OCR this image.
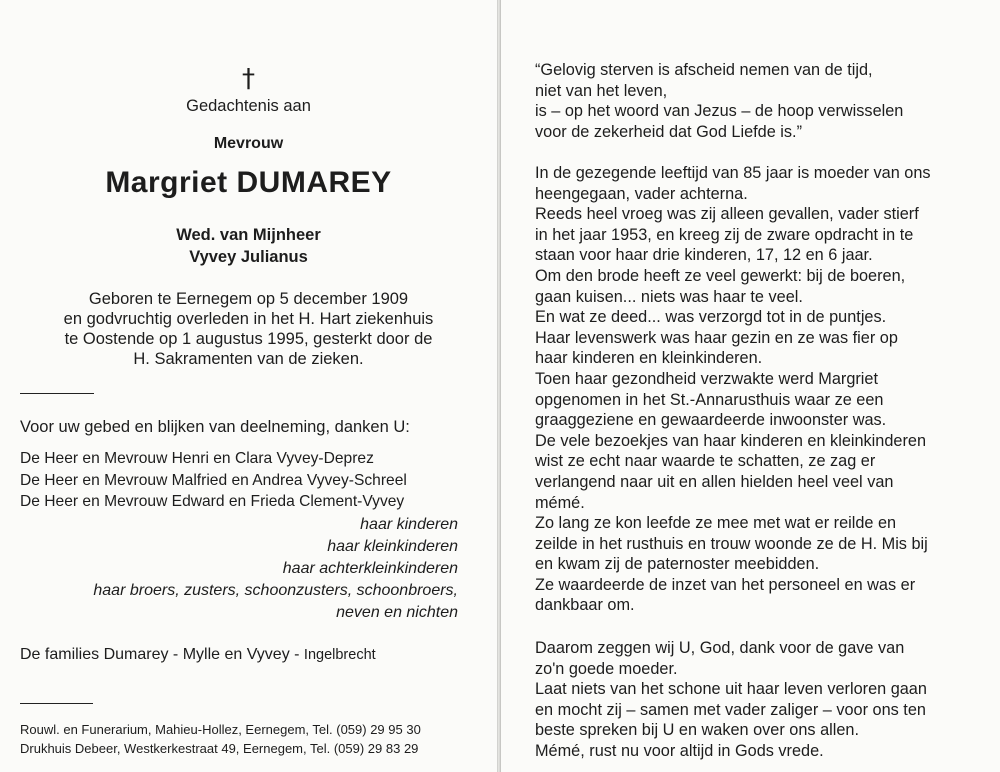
†
Gedachtenis aan
Mevrouw
Margriet DUMAREY
Wed. van Mijnheer
Vyvey Julianus
Geboren te Eernegem op 5 december 1909
en godvruchtig overleden in het H. Hart ziekenhuis
te Oostende op 1 augustus 1995, gesterkt door de
H. Sakramenten van de zieken.
Voor uw gebed en blijken van deelneming, danken U:
De Heer en Mevrouw Henri en Clara Vyvey-Deprez
De Heer en Mevrouw Malfried en Andrea Vyvey-Schreel
De Heer en Mevrouw Edward en Frieda Clement-Vyvey
haar kinderen
haar kleinkinderen
haar achterkleinkinderen
haar broers, zusters, schoonzusters, schoonbroers,
neven en nichten
De families Dumarey - Mylle en Vyvey - Ingelbrecht
Rouwl. en Funerarium, Mahieu-Hollez, Eernegem, Tel. (059) 29 95 30
Drukhuis Debeer, Westkerkestraat 49, Eernegem, Tel. (059) 29 83 29
“Gelovig sterven is afscheid nemen van de tijd,
niet van het leven,
is – op het woord van Jezus – de hoop verwisselen
voor de zekerheid dat God Liefde is.”
In de gezegende leeftijd van 85 jaar is moeder van ons
heengegaan, vader achterna.
Reeds heel vroeg was zij alleen gevallen, vader stierf
in het jaar 1953, en kreeg zij de zware opdracht in te
staan voor haar drie kinderen, 17, 12 en 6 jaar.
Om den brode heeft ze veel gewerkt: bij de boeren,
gaan kuisen... niets was haar te veel.
En wat ze deed... was verzorgd tot in de puntjes.
Haar levenswerk was haar gezin en ze was fier op
haar kinderen en kleinkinderen.
Toen haar gezondheid verzwakte werd Margriet
opgenomen in het St.-Annarusthuis waar ze een
graaggeziene en gewaardeerde inwoonster was.
De vele bezoekjes van haar kinderen en kleinkinderen
wist ze echt naar waarde te schatten, ze zag er
verlangend naar uit en allen hielden heel veel van
mémé.
Zo lang ze kon leefde ze mee met wat er reilde en
zeilde in het rusthuis en trouw woonde ze de H. Mis bij
en kwam zij de paternoster meebidden.
Ze waardeerde de inzet van het personeel en was er
dankbaar om.
Daarom zeggen wij U, God, dank voor de gave van
zo'n goede moeder.
Laat niets van het schone uit haar leven verloren gaan
en mocht zij – samen met vader zaliger – voor ons ten
beste spreken bij U en waken over ons allen.
Mémé, rust nu voor altijd in Gods vrede.
